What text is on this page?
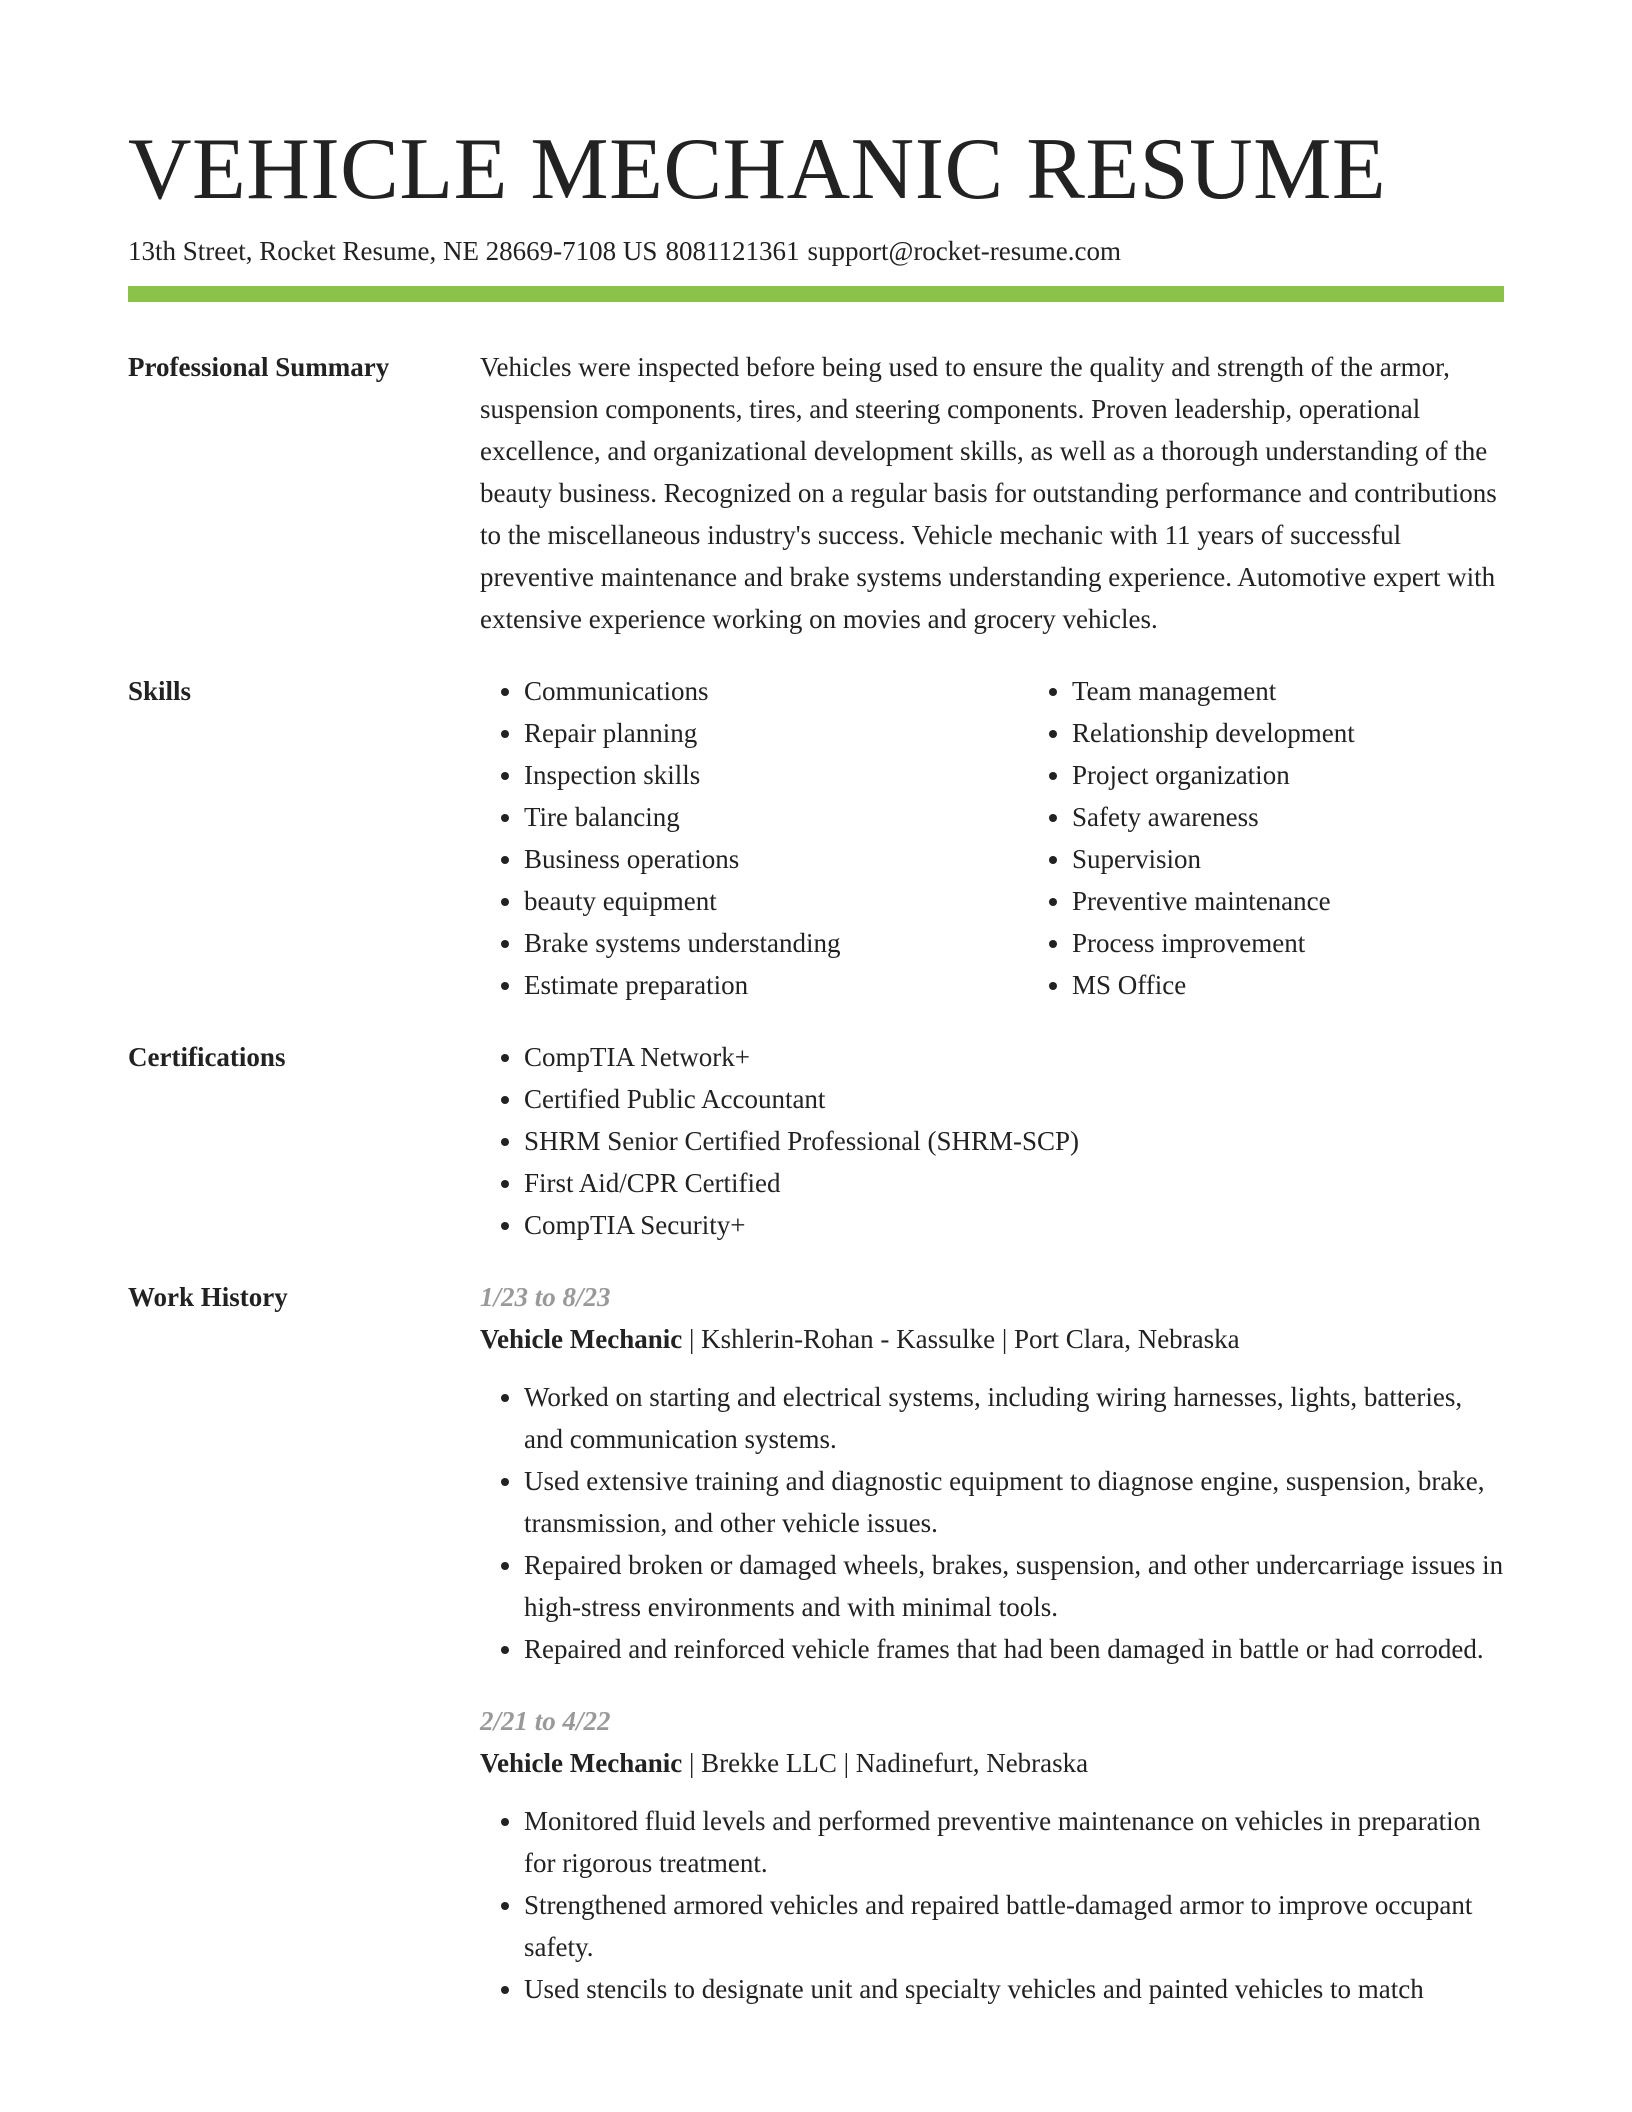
VEHICLE MECHANIC RESUME
13th Street, Rocket Resume, NE 28669-7108 US 8081121361 support@rocket-resume.com
Professional Summary	Vehicles were inspected before being used to ensure the quality and strength of the armor, suspension components, tires, and steering components. Proven leadership, operational excellence, and organizational development skills, as well as a thorough understanding of the beauty business. Recognized on a regular basis for outstanding performance and contributions to the miscellaneous industry's success. Vehicle mechanic with 11 years of successful preventive maintenance and brake systems understanding experience. Automotive expert with extensive experience working on movies and grocery vehicles.

Skills	• Communications
• Repair planning
• Inspection skills
• Tire balancing
• Business operations
• beauty equipment
• Brake systems understanding
• Estimate preparation
• Team management
• Relationship development
• Project organization
• Safety awareness
• Supervision
• Preventive maintenance
• Process improvement
• MS Office
Certifications	• CompTIA Network+
• Certified Public Accountant
• SHRM Senior Certified Professional (SHRM-SCP)
• First Aid/CPR Certified
• CompTIA Security+
Work History	1/23 to 8/23
Vehicle Mechanic | Kshlerin-Rohan - Kassulke | Port Clara, Nebraska
• Worked on starting and electrical systems, including wiring harnesses, lights, batteries, and communication systems.
• Used extensive training and diagnostic equipment to diagnose engine, suspension, brake, transmission, and other vehicle issues.
• Repaired broken or damaged wheels, brakes, suspension, and other undercarriage issues in high-stress environments and with minimal tools.
• Repaired and reinforced vehicle frames that had been damaged in battle or had corroded.
2/21 to 4/22
Vehicle Mechanic | Brekke LLC | Nadinefurt, Nebraska
• Monitored fluid levels and performed preventive maintenance on vehicles in preparation for rigorous treatment.
• Strengthened armored vehicles and repaired battle-damaged armor to improve occupant safety.
• Used stencils to designate unit and specialty vehicles and painted vehicles to match
